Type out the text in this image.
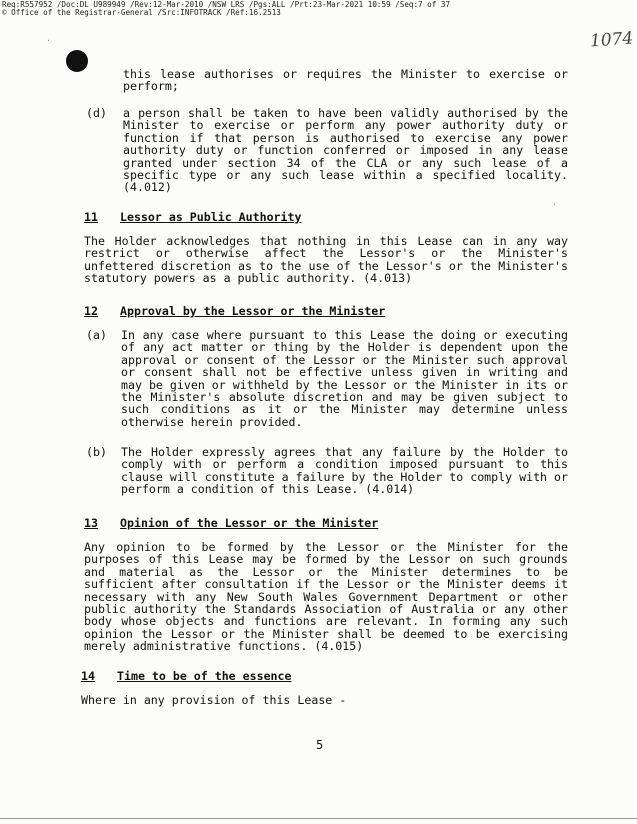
Req:R557952 /Doc:DL U989949 /Rev:12-Mar-2010 /NSW LRS /Pgs:ALL /Prt:23-Mar-2021 10:59 /Seq:7 of 37
© Office of the Registrar-General /Src:INFOTRACK /Ref:16.2513
1074
·
·
this lease authorises or requires the Minister to exercise or perform;
(d) a person shall be taken to have been validly authorised by the Minister to exercise or perform any power authority duty or function if that person is authorised to exercise any power authority duty or function conferred or imposed in any lease granted under section 34 of the CLA or any such lease of a specific type or any such lease within a specified locality. (4.012)
11 Lessor as Public Authority
The Holder acknowledges that nothing in this Lease can in any way restrict or otherwise affect the Lessor's or the Minister's unfettered discretion as to the use of the Lessor's or the Minister's statutory powers as a public authority. (4.013)
12 Approval by the Lessor or the Minister
(a) In any case where pursuant to this Lease the doing or executing of any act matter or thing by the Holder is dependent upon the approval or consent of the Lessor or the Minister such approval or consent shall not be effective unless given in writing and may be given or withheld by the Lessor or the Minister in its or the Minister's absolute discretion and may be given subject to such conditions as it or the Minister may determine unless otherwise herein provided.
(b) The Holder expressly agrees that any failure by the Holder to comply with or perform a condition imposed pursuant to this clause will constitute a failure by the Holder to comply with or perform a condition of this Lease. (4.014)
13 Opinion of the Lessor or the Minister
Any opinion to be formed by the Lessor or the Minister for the purposes of this Lease may be formed by the Lessor on such grounds and material as the Lessor or the Minister determines to be sufficient after consultation if the Lessor or the Minister deems it necessary with any New South Wales Government Department or other public authority the Standards Association of Australia or any other body whose objects and functions are relevant. In forming any such opinion the Lessor or the Minister shall be deemed to be exercising merely administrative functions. (4.015)
14 Time to be of the essence
Where in any provision of this Lease -
5
